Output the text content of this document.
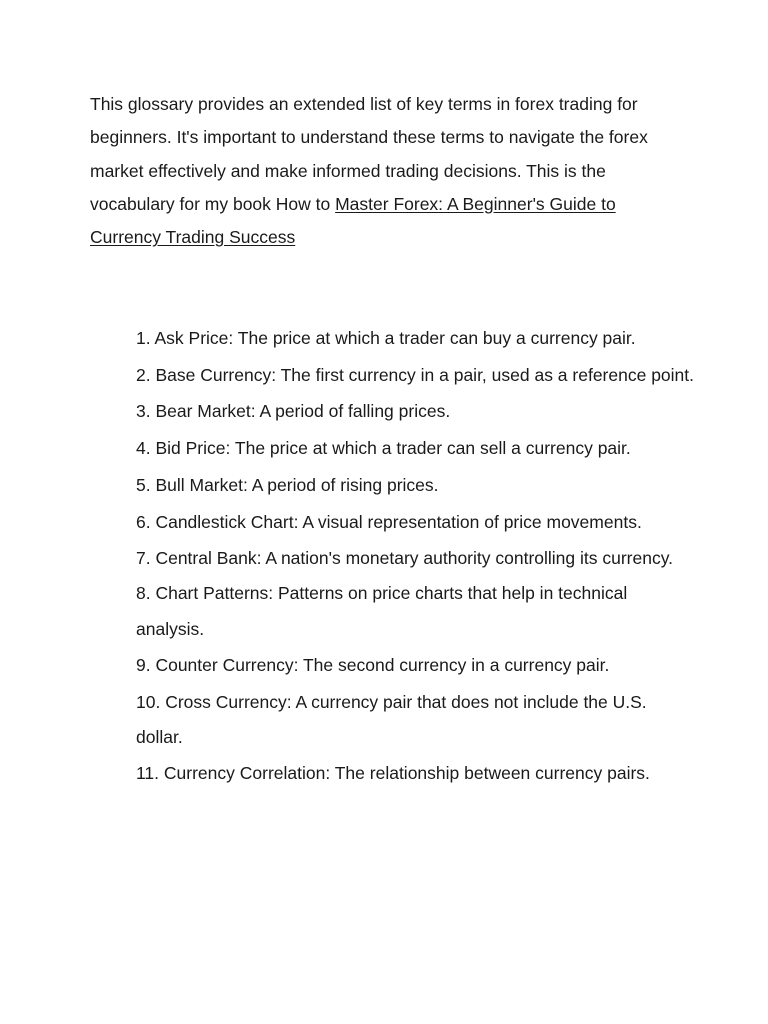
This glossary provides an extended list of key terms in forex trading for beginners. It's important to understand these terms to navigate the forex market effectively and make informed trading decisions. This is the vocabulary for my book How to Master Forex: A Beginner's Guide to Currency Trading Success

1. Ask Price: The price at which a trader can buy a currency pair.
2. Base Currency: The first currency in a pair, used as a reference point.
3. Bear Market: A period of falling prices.
4. Bid Price: The price at which a trader can sell a currency pair.
5. Bull Market: A period of rising prices.
6. Candlestick Chart: A visual representation of price movements.
7. Central Bank: A nation's monetary authority controlling its currency.
8. Chart Patterns: Patterns on price charts that help in technical analysis.
9. Counter Currency: The second currency in a currency pair.
10. Cross Currency: A currency pair that does not include the U.S. dollar.
11. Currency Correlation: The relationship between currency pairs.
